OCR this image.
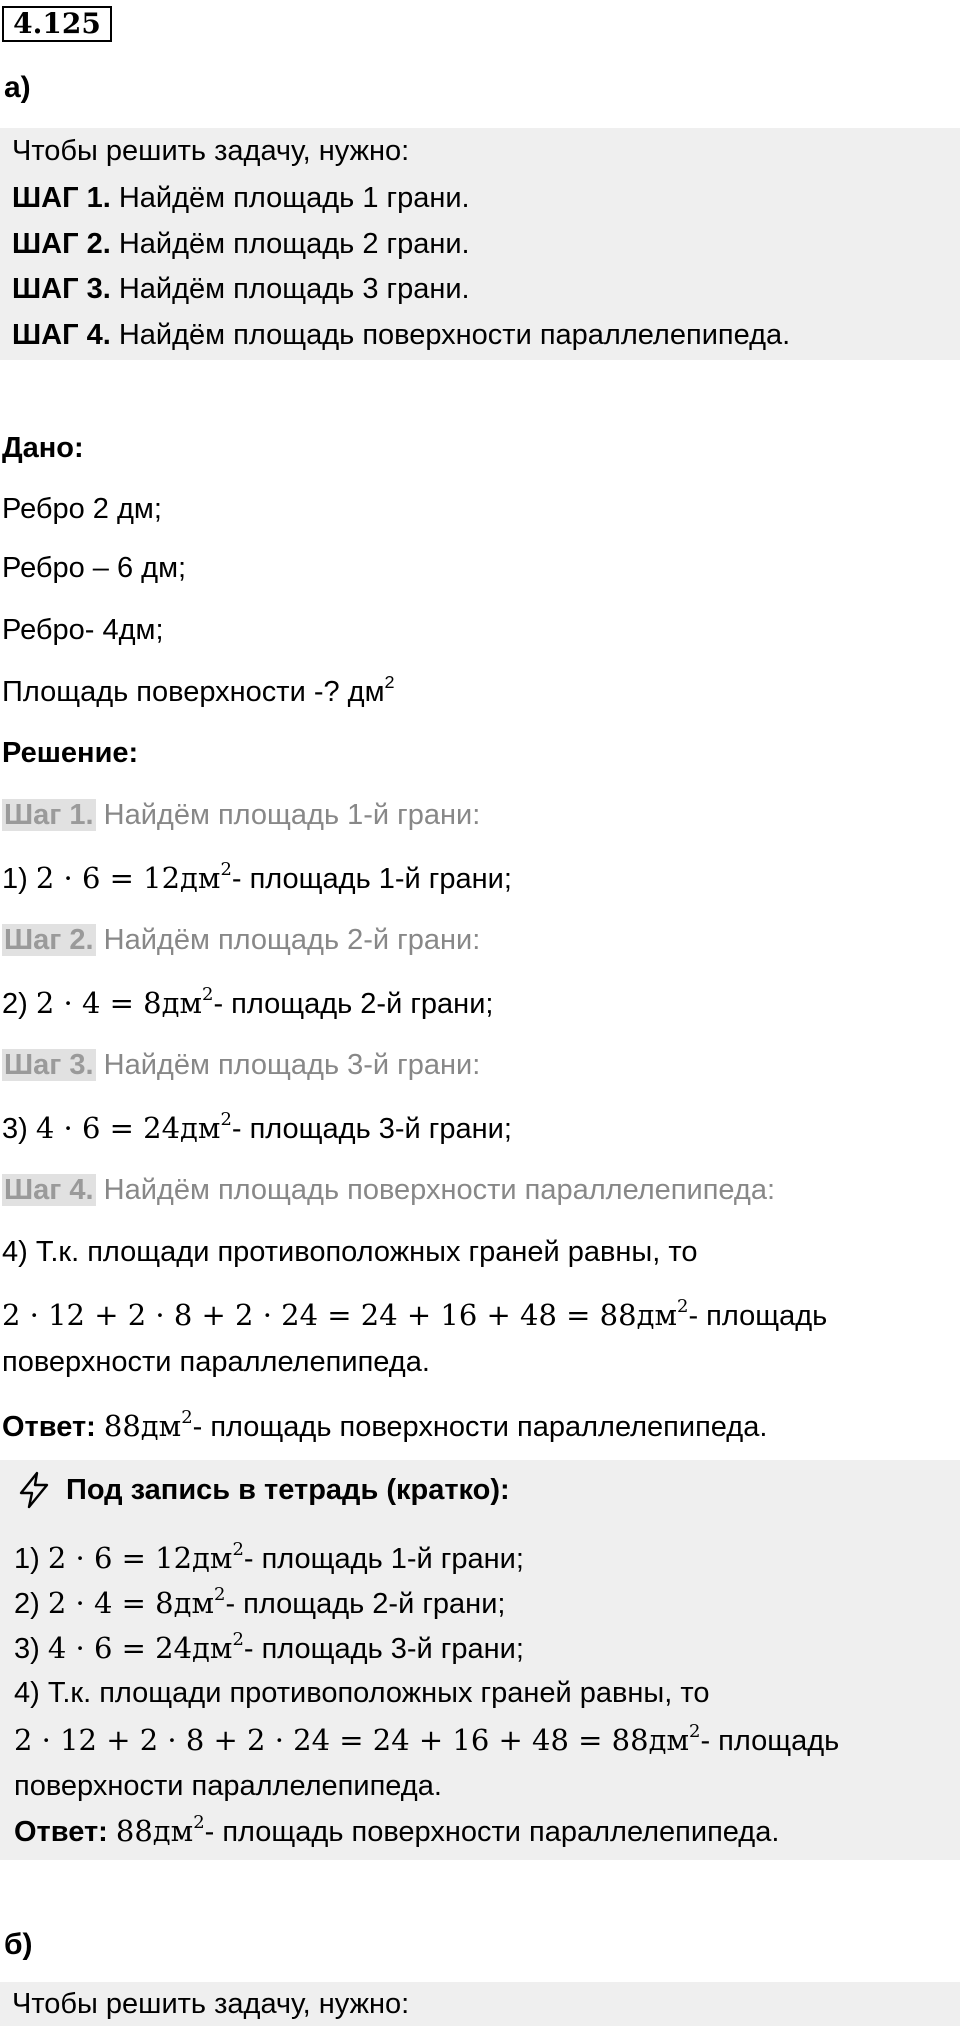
4.125
а)
Чтобы решить задачу, нужно:
ШАГ 1. Найдём площадь 1 грани.
ШАГ 2. Найдём площадь 2 грани.
ШАГ 3. Найдём площадь 3 грани.
ШАГ 4. Найдём площадь поверхности параллелепипеда.
Дано:
Ребро 2 дм;
Ребро – 6 дм;
Ребро- 4дм;
Площадь поверхности -? $дм^2$
Решение:
Шаг 1. Найдём площадь 1-й грани:
1) $2 \cdot 6 = 12дм^2-$ площадь 1-й грани;
Шаг 2. Найдём площадь 2-й грани:
2) $2 \cdot 4 = 8дм^2-$ площадь 2-й грани;
Шаг 3. Найдём площадь 3-й грани:
3) $4 \cdot 6 = 24дм^2-$ площадь 3-й грани;
Шаг 4. Найдём площадь поверхности параллелепипеда:
4) Т.к. площади противоположных граней равны, то
$2 \cdot 12 + 2 \cdot 8 + 2 \cdot 24 = 24 + 16 + 48 = 88дм^2-$ площадь
поверхности параллелепипеда.
Ответ: $88дм^2-$ площадь поверхности параллелепипеда.
Под запись в тетрадь (кратко):
1) $2 \cdot 6 = 12дм^2-$ площадь 1-й грани;
2) $2 \cdot 4 = 8дм^2-$ площадь 2-й грани;
3) $4 \cdot 6 = 24дм^2-$ площадь 3-й грани;
4) Т.к. площади противоположных граней равны, то
$2 \cdot 12 + 2 \cdot 8 + 2 \cdot 24 = 24 + 16 + 48 = 88дм^2-$ площадь
поверхности параллелепипеда.
Ответ: $88дм^2-$ площадь поверхности параллелепипеда.
б)
Чтобы решить задачу, нужно:
